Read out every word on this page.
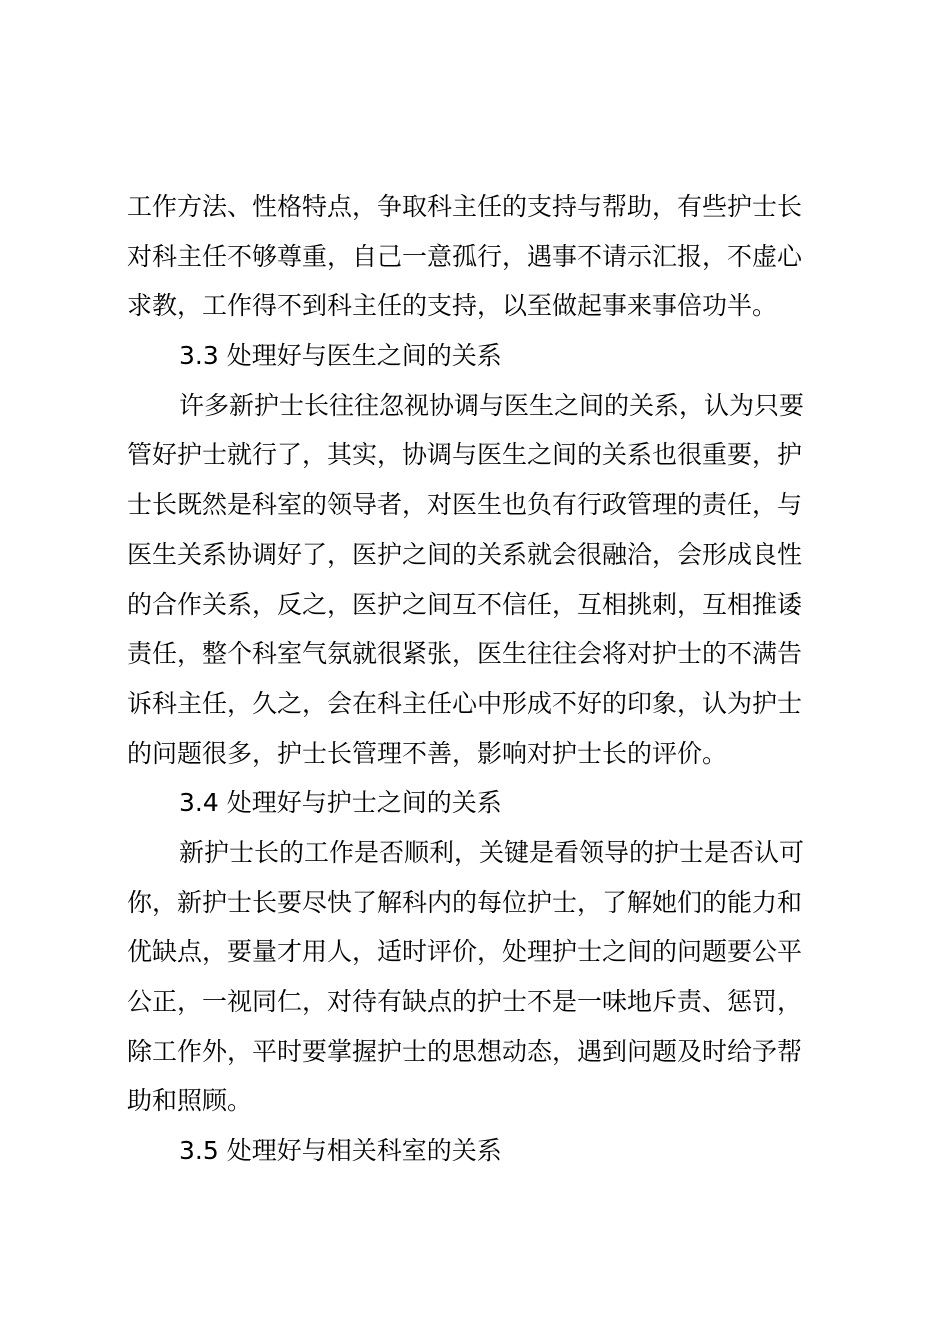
工作方法、性格特点，争取科主任的支持与帮助，有些护士长
对科主任不够尊重，自己一意孤行，遇事不请示汇报，不虚心
求教，工作得不到科主任的支持，以至做起事来事倍功半。
3.3 处理好与医生之间的关系
许多新护士长往往忽视协调与医生之间的关系，认为只要
管好护士就行了，其实，协调与医生之间的关系也很重要，护
士长既然是科室的领导者，对医生也负有行政管理的责任，与
医生关系协调好了，医护之间的关系就会很融洽，会形成良性
的合作关系，反之，医护之间互不信任，互相挑刺，互相推诿
责任，整个科室气氛就很紧张，医生往往会将对护士的不满告
诉科主任，久之，会在科主任心中形成不好的印象，认为护士
的问题很多，护士长管理不善，影响对护士长的评价。
3.4 处理好与护士之间的关系
新护士长的工作是否顺利，关键是看领导的护士是否认可
你，新护士长要尽快了解科内的每位护士，了解她们的能力和
优缺点，要量才用人，适时评价，处理护士之间的问题要公平
公正，一视同仁，对待有缺点的护士不是一味地斥责、惩罚，
除工作外，平时要掌握护士的思想动态，遇到问题及时给予帮
助和照顾。
3.5 处理好与相关科室的关系
